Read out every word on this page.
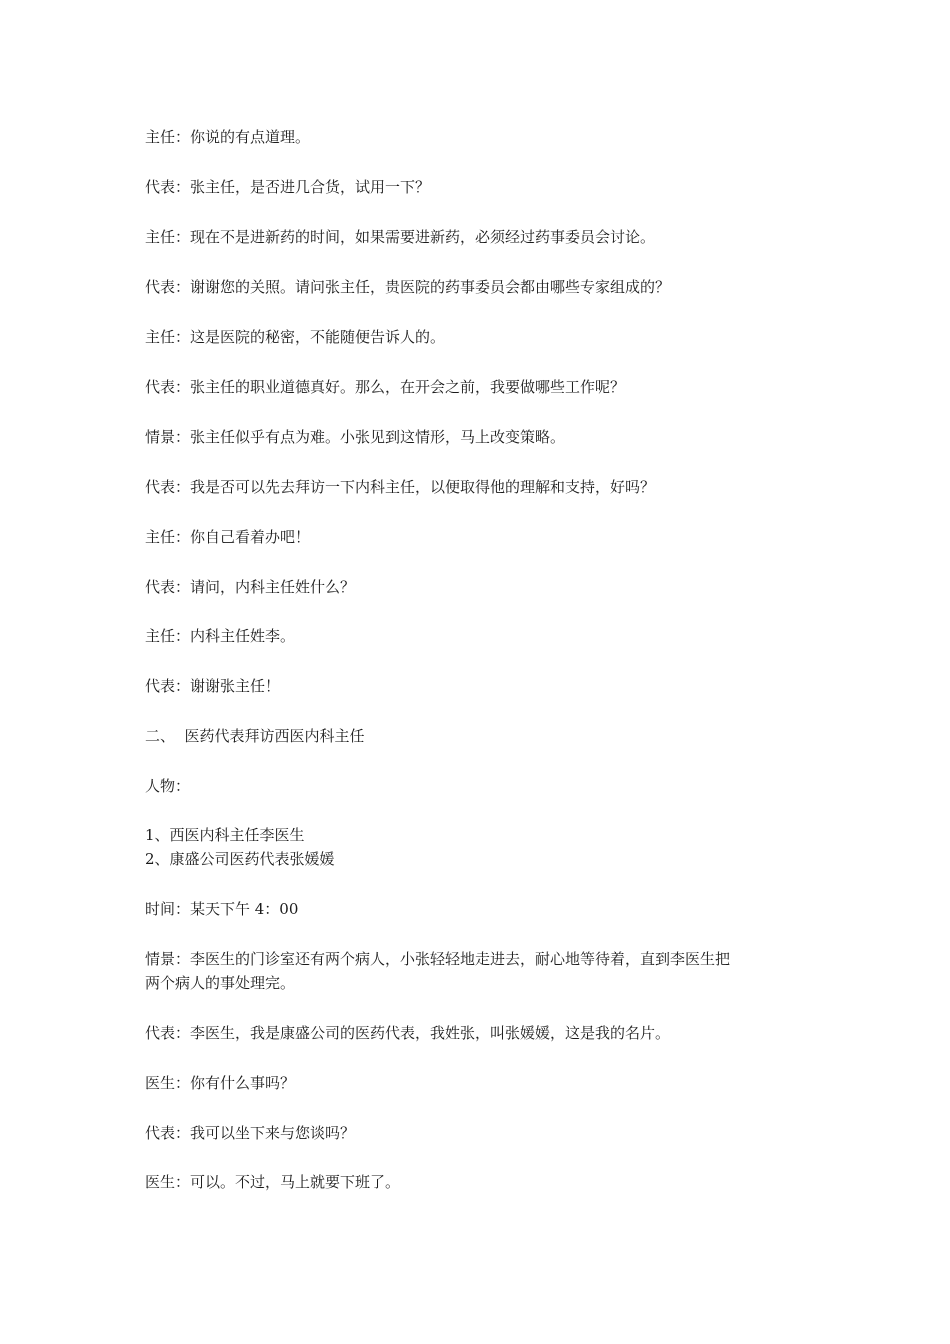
主任：你说的有点道理。
代表：张主任，是否进几合货，试用一下？
主任：现在不是进新药的时间，如果需要进新药，必须经过药事委员会讨论。
代表：谢谢您的关照。请问张主任，贵医院的药事委员会都由哪些专家组成的？
主任：这是医院的秘密，不能随便告诉人的。
代表：张主任的职业道德真好。那么，在开会之前，我要做哪些工作呢？
情景：张主任似乎有点为难。小张见到这情形，马上改变策略。
代表：我是否可以先去拜访一下内科主任，以便取得他的理解和支持，好吗？
主任：你自己看着办吧！
代表：请问，内科主任姓什么？
主任：内科主任姓李。
代表：谢谢张主任！
二、  医药代表拜访西医内科主任
人物：
1、西医内科主任李医生
2、康盛公司医药代表张媛媛
时间：某天下午 4：00
情景：李医生的门诊室还有两个病人，小张轻轻地走进去，耐心地等待着，直到李医生把
两个病人的事处理完。
代表：李医生，我是康盛公司的医药代表，我姓张，叫张媛媛，这是我的名片。
医生：你有什么事吗？
代表：我可以坐下来与您谈吗？
医生：可以。不过，马上就要下班了。
